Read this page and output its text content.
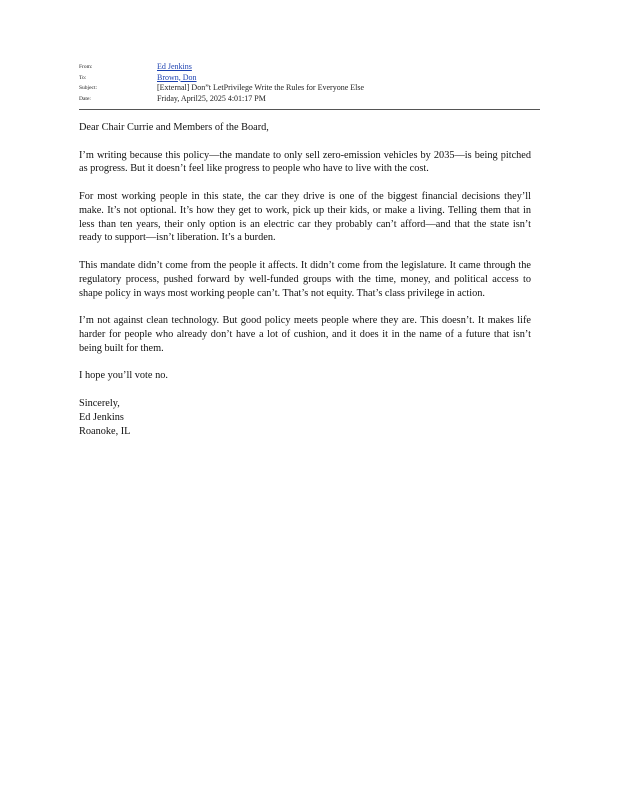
From:	Ed Jenkins
To:	Brown, Don
Subject:	[External] Don”t LetPrivilege Write the Rules for Everyone Else
Date:	Friday, April25, 2025 4:01:17 PM

Dear Chair Currie and Members of the Board,

I’m writing because this policy—the mandate to only sell zero-emission vehicles by 2035—is being pitched as progress. But it doesn’t feel like progress to people who have to live with the cost.

For most working people in this state, the car they drive is one of the biggest financial decisions they’ll make. It’s not optional. It’s how they get to work, pick up their kids, or make a living. Telling them that in less than ten years, their only option is an electric car they probably can’t afford—and that the state isn’t ready to support—isn’t liberation. It’s a burden.

This mandate didn’t come from the people it affects. It didn’t come from the legislature. It came through the regulatory process, pushed forward by well-funded groups with the time, money, and political access to shape policy in ways most working people can’t. That’s not equity. That’s class privilege in action.

I’m not against clean technology. But good policy meets people where they are. This doesn’t. It makes life harder for people who already don’t have a lot of cushion, and it does it in the name of a future that isn’t being built for them.

I hope you’ll vote no.

Sincerely,
Ed Jenkins
Roanoke, IL
